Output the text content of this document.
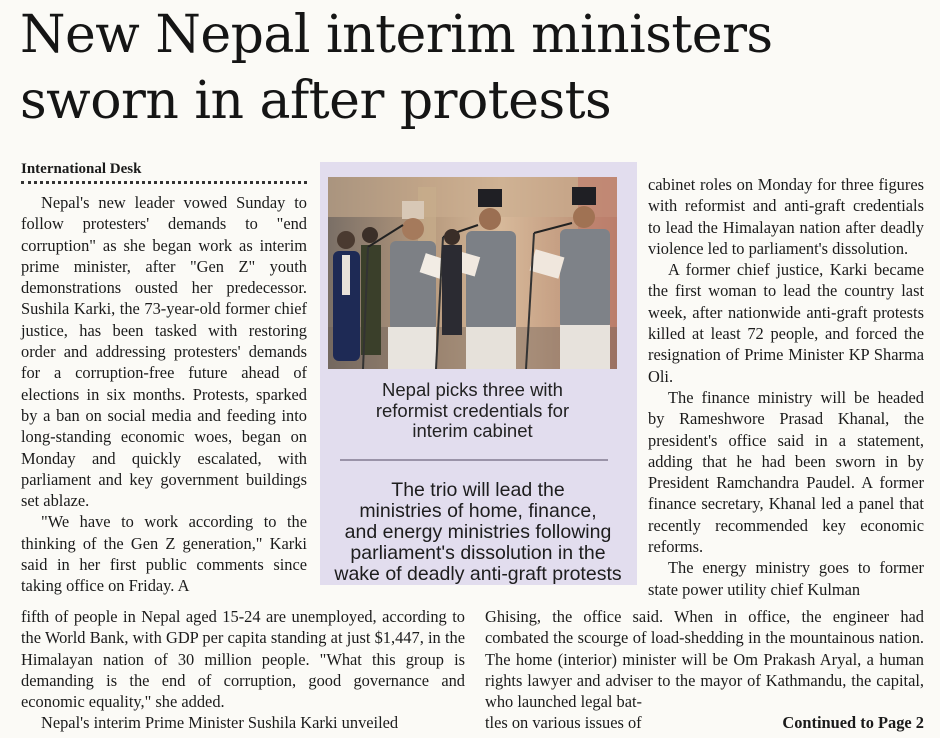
New Nepal interim ministers
sworn in after protests
International Desk
Nepal's new leader vowed Sunday to follow protesters' demands to "end corruption" as she began work as interim prime minister, after "Gen Z" youth demonstrations ousted her predecessor. Sushila Karki, the 73-year-old former chief justice, has been tasked with restoring order and addressing protesters' demands for a corruption-free future ahead of elections in six months. Protests, sparked by a ban on social media and feeding into long-standing economic woes, began on Monday and quickly escalated, with parliament and key government buildings set ablaze.
"We have to work according to the thinking of the Gen Z generation," Karki said in her first public comments since taking office on Friday. A
fifth of people in Nepal aged 15-24 are unemployed, according to the World Bank, with GDP per capita standing at just $1,447, in the Himalayan nation of 30 million people. "What this group is demanding is the end of corruption, good governance and economic equality," she added.
Nepal's interim Prime Minister Sushila Karki unveiled
Nepal picks three with
reformist credentials for
interim cabinet
The trio will lead the
ministries of home, finance,
and energy ministries following
parliament's dissolution in the
wake of deadly anti-graft protests
cabinet roles on Monday for three figures with reformist and anti-graft credentials to lead the Himalayan nation after deadly violence led to parliament's dissolution.
A former chief justice, Karki became the first woman to lead the country last week, after nationwide anti-graft protests killed at least 72 people, and forced the resignation of Prime Minister KP Sharma Oli.
The finance ministry will be headed by Rameshwore Prasad Khanal, the president's office said in a statement, adding that he had been sworn in by President Ramchandra Paudel. A former finance secretary, Khanal led a panel that recently recommended key economic reforms.
The energy ministry goes to former state power utility chief Kulman
Ghising, the office said. When in office, the engineer had combated the scourge of load-shedding in the mountainous nation. The home (interior) minister will be Om Prakash Aryal, a human rights lawyer and adviser to the mayor of Kathmandu, the capital, who launched legal bat-
tles on various issues of	Continued to Page 2
